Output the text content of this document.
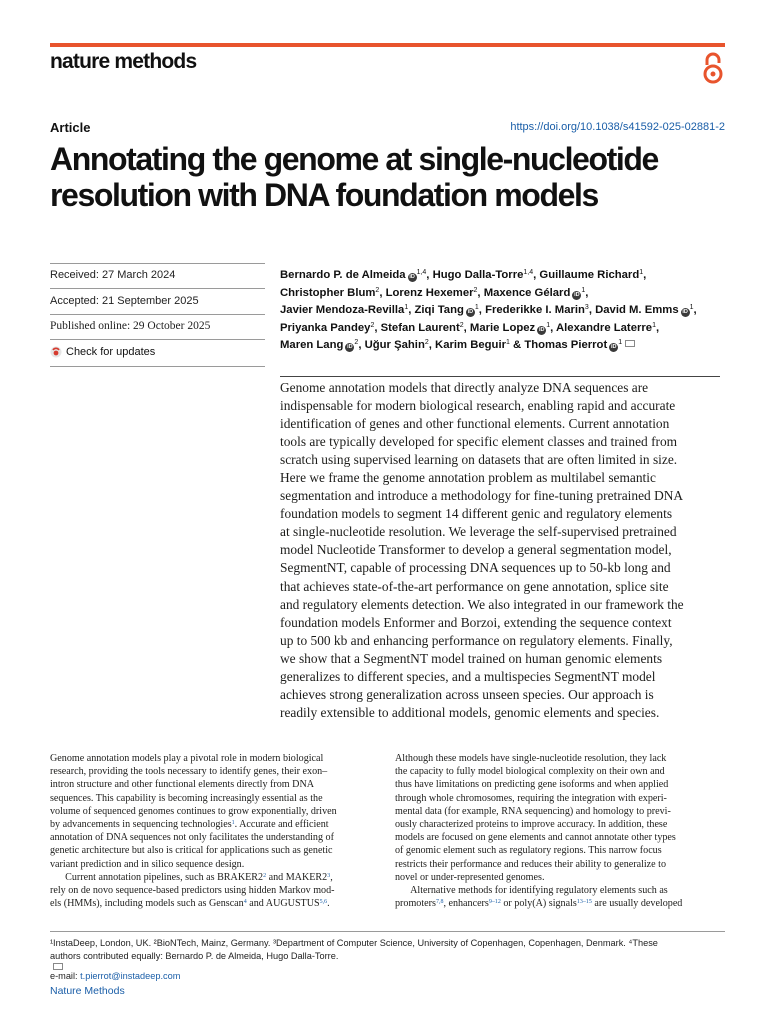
nature methods
Article	https://doi.org/10.1038/s41592-025-02881-2
Annotating the genome at single-nucleotide
resolution with DNA foundation models
Received: 27 March 2024
Accepted: 21 September 2025
Published online: 29 October 2025
Check for updates
Bernardo P. de Almeida iD$^{1,4}$, Hugo Dalla-Torre$^{1,4}$, Guillaume Richard$^1$,
Christopher Blum$^2$, Lorenz Hexemer$^2$, Maxence Gélard $iD^1$,
Javier Mendoza-Revilla$^1$, Ziqi Tang $iD^1$, Frederikke I. Marin$^3$, David M. Emms $iD^1$,
Priyanka Pandey$^2$, Stefan Laurent$^2$, Marie Lopez $iD^1$, Alexandre Laterre$^1$,
Maren Lang $iD^2$, Uğur Şahin$^2$, Karim Beguir$^1$ & Thomas Pierrot $iD^1$
Genome annotation models that directly analyze DNA sequences are
indispensable for modern biological research, enabling rapid and accurate
identification of genes and other functional elements. Current annotation
tools are typically developed for specific element classes and trained from
scratch using supervised learning on datasets that are often limited in size.
Here we frame the genome annotation problem as multilabel semantic
segmentation and introduce a methodology for fine-tuning pretrained DNA
foundation models to segment 14 different genic and regulatory elements
at single-nucleotide resolution. We leverage the self-supervised pretrained
model Nucleotide Transformer to develop a general segmentation model,
SegmentNT, capable of processing DNA sequences up to 50-kb long and
that achieves state-of-the-art performance on gene annotation, splice site
and regulatory elements detection. We also integrated in our framework the
foundation models Enformer and Borzoi, extending the sequence context
up to 500 kb and enhancing performance on regulatory elements. Finally,
we show that a SegmentNT model trained on human genomic elements
generalizes to different species, and a multispecies SegmentNT model
achieves strong generalization across unseen species. Our approach is
readily extensible to additional models, genomic elements and species.
Genome annotation models play a pivotal role in modern biological
research, providing the tools necessary to identify genes, their exon–
intron structure and other functional elements directly from DNA
sequences. This capability is becoming increasingly essential as the
volume of sequenced genomes continues to grow exponentially, driven
by advancements in sequencing technologies$^1$. Accurate and efficient
annotation of DNA sequences not only facilitates the understanding of
genetic architecture but also is critical for applications such as genetic
variant prediction and in silico sequence design.
  Current annotation pipelines, such as $BRAKER2^2$ and $MAKER2^3$,
rely on de novo sequence-based predictors using hidden Markov mod-
els (HMMs), including models such as Genscan$^4$ and AUGUSTUS$^{5,6}$.
Although these models have single-nucleotide resolution, they lack
the capacity to fully model biological complexity on their own and
thus have limitations on predicting gene isoforms and when applied
through whole chromosomes, requiring the integration with experi-
mental data (for example, RNA sequencing) and homology to previ-
ously characterized proteins to improve accuracy. In addition, these
models are focused on gene elements and cannot annotate other types
of genomic element such as regulatory regions. This narrow focus
restricts their performance and reduces their ability to generalize to
novel or under-represented genomes.
  Alternative methods for identifying regulatory elements such as
promoters$^{7,8}$, enhancers$^{9-12}$ or poly(A) signals$^{13-15}$ are usually developed
¹InstaDeep, London, UK. ²BioNTech, Mainz, Germany. ³Department of Computer Science, University of Copenhagen, Copenhagen, Denmark. ⁴These
authors contributed equally: Bernardo P. de Almeida, Hugo Dalla-Torre.
e-mail: t.pierrot@instadeep.com
Nature Methods
